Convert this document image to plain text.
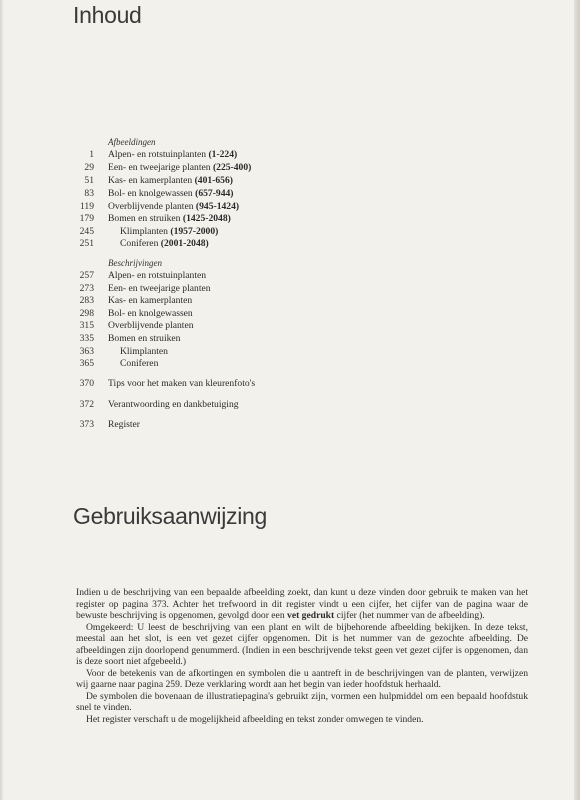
Inhoud
Afbeeldingen
1 Alpen- en rotstuinplanten (1-224)
29 Een- en tweejarige planten (225-400)
51 Kas- en kamerplanten (401-656)
83 Bol- en knolgewassen (657-944)
119 Overblijvende planten (945-1424)
179 Bomen en struiken (1425-2048)
245	Klimplanten (1957-2000)
251	Coniferen (2001-2048)
Beschrijvingen
257 Alpen- en rotstuinplanten
273 Een- en tweejarige planten
283 Kas- en kamerplanten
298 Bol- en knolgewassen
315 Overblijvende planten
335 Bomen en struiken
363	Klimplanten
365	Coniferen
370 Tips voor het maken van kleurenfoto's
372 Verantwoording en dankbetuiging
373 Register
Gebruiksaanwijzing

Indien u de beschrijving van een bepaalde afbeelding zoekt, dan kunt u deze vinden door gebruik te maken van het register op pagina 373. Achter het trefwoord in dit register vindt u een cijfer, het cijfer van de pagina waar de bewuste beschrijving is opgenomen, gevolgd door een vet gedrukt cijfer (het nummer van de afbeelding).

Omgekeerd: U leest de beschrijving van een plant en wilt de bijbehorende afbeelding bekijken. In deze tekst, meestal aan het slot, is een vet gezet cijfer opgenomen. Dit is het nummer van de gezochte afbeelding. De afbeeldingen zijn doorlopend genummerd. (Indien in een beschrijvende tekst geen vet gezet cijfer is opgenomen, dan is deze soort niet afgebeeld.)

Voor de betekenis van de afkortingen en symbolen die u aantreft in de beschrijvingen van de planten, verwijzen wij gaarne naar pagina 259. Deze verklaring wordt aan het begin van ieder hoofdstuk herhaald.

De symbolen die bovenaan de illustratiepagina's gebruikt zijn, vormen een hulpmiddel om een bepaald hoofdstuk snel te vinden.

Het register verschaft u de mogelijkheid afbeelding en tekst zonder omwegen te vinden.
